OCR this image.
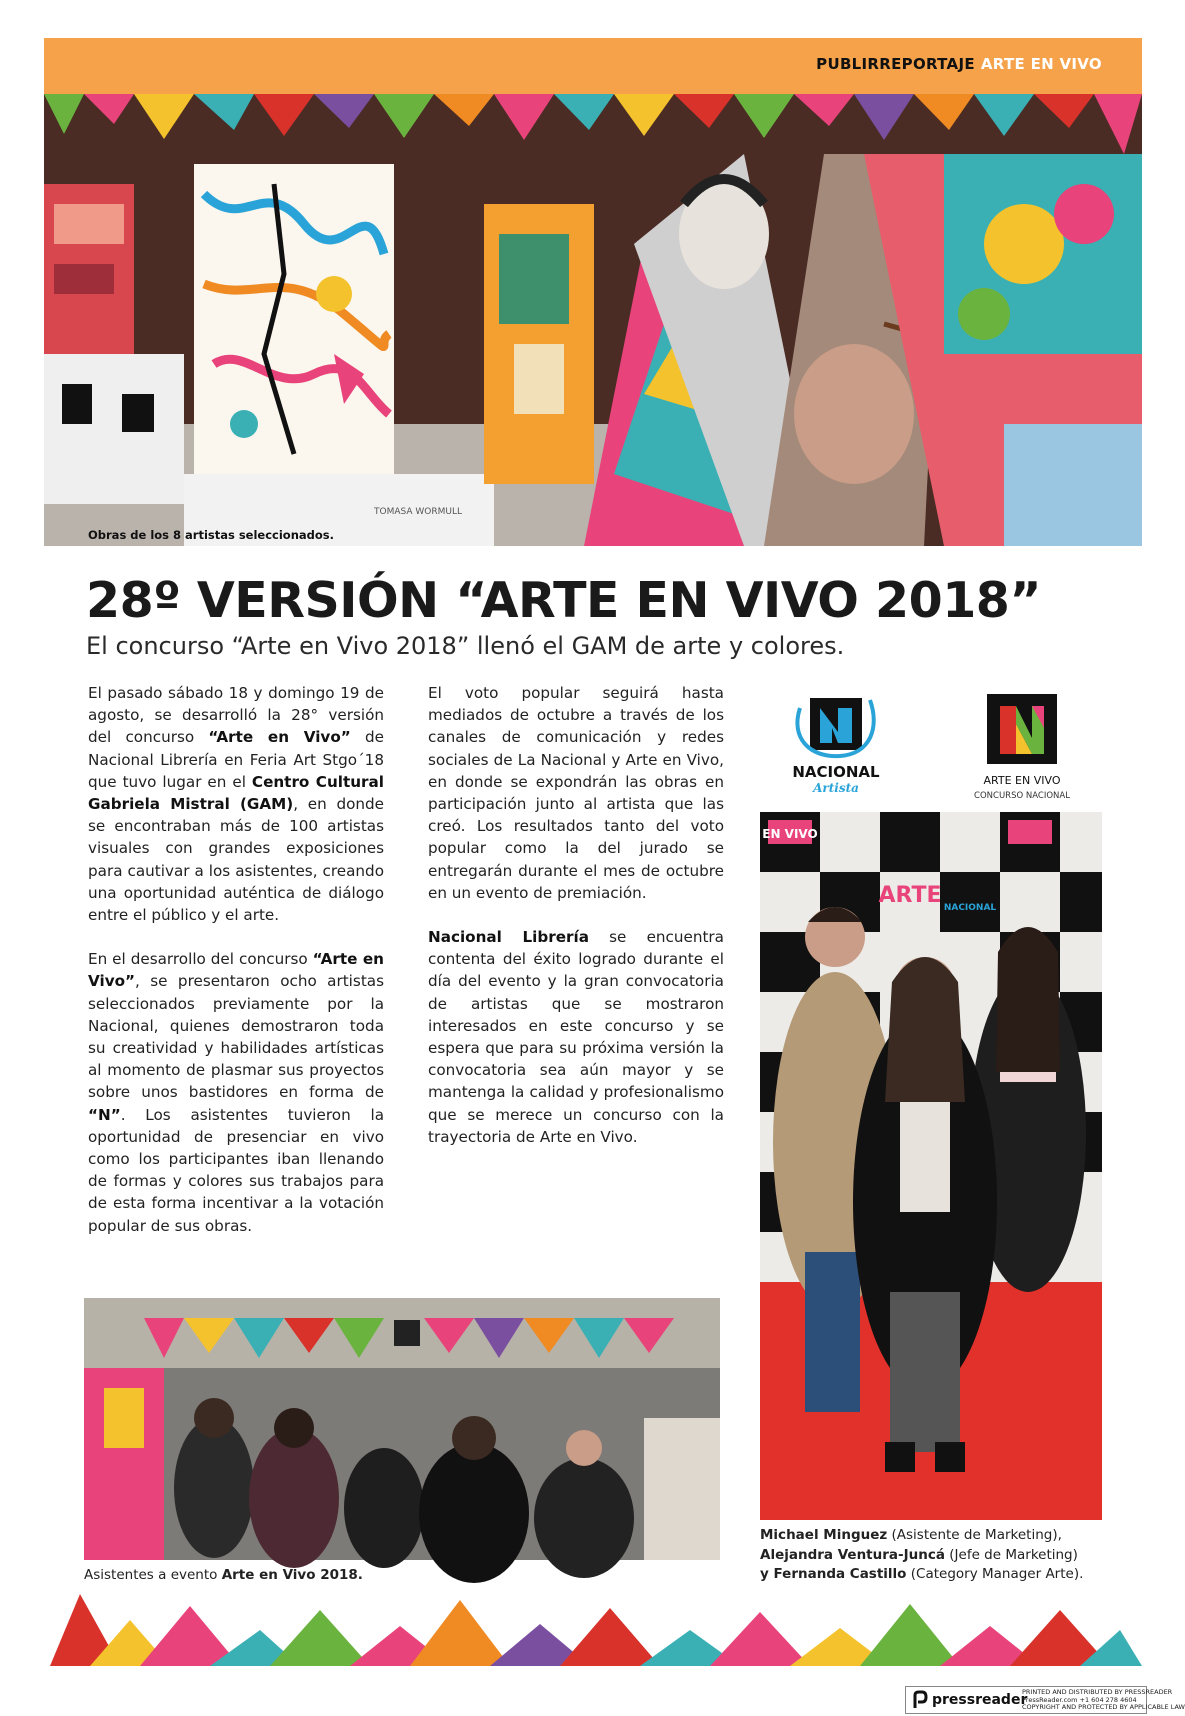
PUBLIRREPORTAJE ARTE EN VIVO
TOMASA WORMULL
Obras de los 8 artistas seleccionados.
28º VERSIÓN “ARTE EN VIVO 2018”
El concurso “Arte en Vivo 2018” llenó el GAM de arte y colores.

El pasado sábado 18 y domingo 19 de agosto, se desarrolló la 28° versión del concurso “Arte en Vivo” de Nacional Librería en Feria Art Stgo´18 que tuvo lugar en el Centro Cultural Gabriela Mistral (GAM), en donde se encontraban más de 100 artistas visuales con grandes exposiciones para cautivar a los asistentes, creando una oportunidad auténtica de diálogo entre el público y el arte.

En el desarrollo del concurso “Arte en Vivo”, se presentaron ocho artistas seleccionados previamente por la Nacional, quienes demostraron toda su creatividad y habilidades artísticas al momento de plasmar sus proyectos sobre unos bastidores en forma de “N”. Los asistentes tuvieron la oportunidad de presenciar en vivo como los participantes iban llenando de formas y colores sus trabajos para de esta forma incentivar a la votación popular de sus obras.

El voto popular seguirá hasta mediados de octubre a través de los canales de comunicación y redes sociales de La Nacional y Arte en Vivo, en donde se expondrán las obras en participación junto al artista que las creó. Los resultados tanto del voto popular como la del jurado se entregarán durante el mes de octubre en un evento de premiación.

Nacional Librería se encuentra contenta del éxito logrado durante el día del evento y la gran convocatoria de artistas que se mostraron interesados en este concurso y se espera que para su próxima versión la convocatoria sea aún mayor y se mantenga la calidad y profesionalismo que se merece un concurso con la trayectoria de Arte en Vivo.

Asistentes a evento Arte en Vivo 2018.
NACIONAL
Artista
ARTE EN VIVO
CONCURSO NACIONAL
EN VIVO
ARTE NACIONAL
Michael Minguez (Asistente de Marketing),
Alejandra Ventura-Juncá (Jefe de Marketing)
y Fernanda Castillo (Category Manager Arte).
pressreader
PRINTED AND DISTRIBUTED BY PRESSREADER
PressReader.com +1 604 278 4604
COPYRIGHT AND PROTECTED BY APPLICABLE LAW
